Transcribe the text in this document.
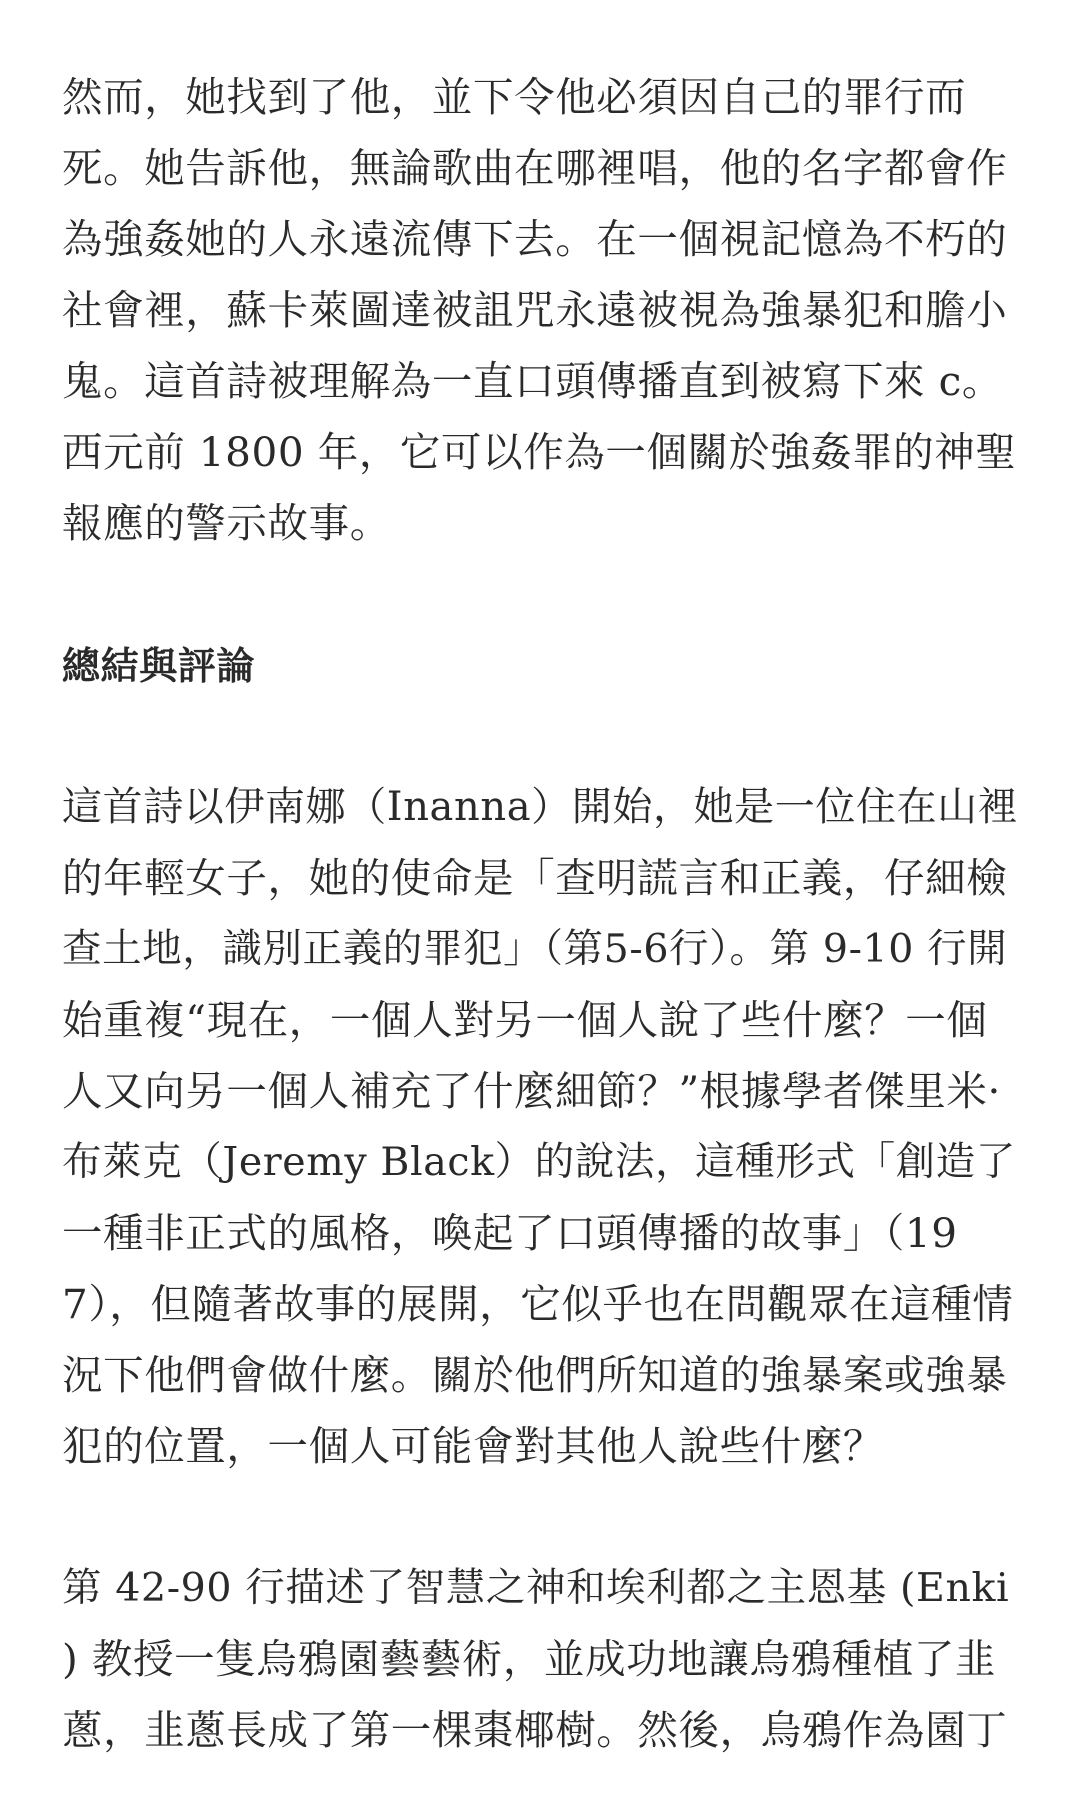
然而，她找到了他，並下令他必須因自己的罪行而
死。她告訴他，無論歌曲在哪裡唱，他的名字都會作
為強姦她的人永遠流傳下去。在一個視記憶為不朽的
社會裡，蘇卡萊圖達被詛咒永遠被視為強暴犯和膽小
鬼。這首詩被理解為一直口頭傳播直到被寫下來 c。
西元前 1800 年，它可以作為一個關於強姦罪的神聖
報應的警示故事。

總結與評論

這首詩以伊南娜（Inanna）開始，她是一位住在山裡
的年輕女子，她的使命是「查明謊言和正義，仔細檢
查土地，識別正義的罪犯」（第5-6行）。第 9-10 行開
始重複“現在，一個人對另一個人說了些什麼？一個
人又向另一個人補充了什麼細節？”根據學者傑里米·
布萊克（Jeremy Black）的說法，這種形式「創造了
一種非正式的風格，喚起了口頭傳播的故事」（19
7），但隨著故事的展開，它似乎也在問觀眾在這種情
況下他們會做什麼。關於他們所知道的強暴案或強暴
犯的位置，一個人可能會對其他人說些什麼？

第 42-90 行描述了智慧之神和埃利都之主恩基 (Enki
) 教授一隻烏鴉園藝藝術，並成功地讓烏鴉種植了韭
蔥，韭蔥長成了第一棵棗椰樹。然後，烏鴉作為園丁
